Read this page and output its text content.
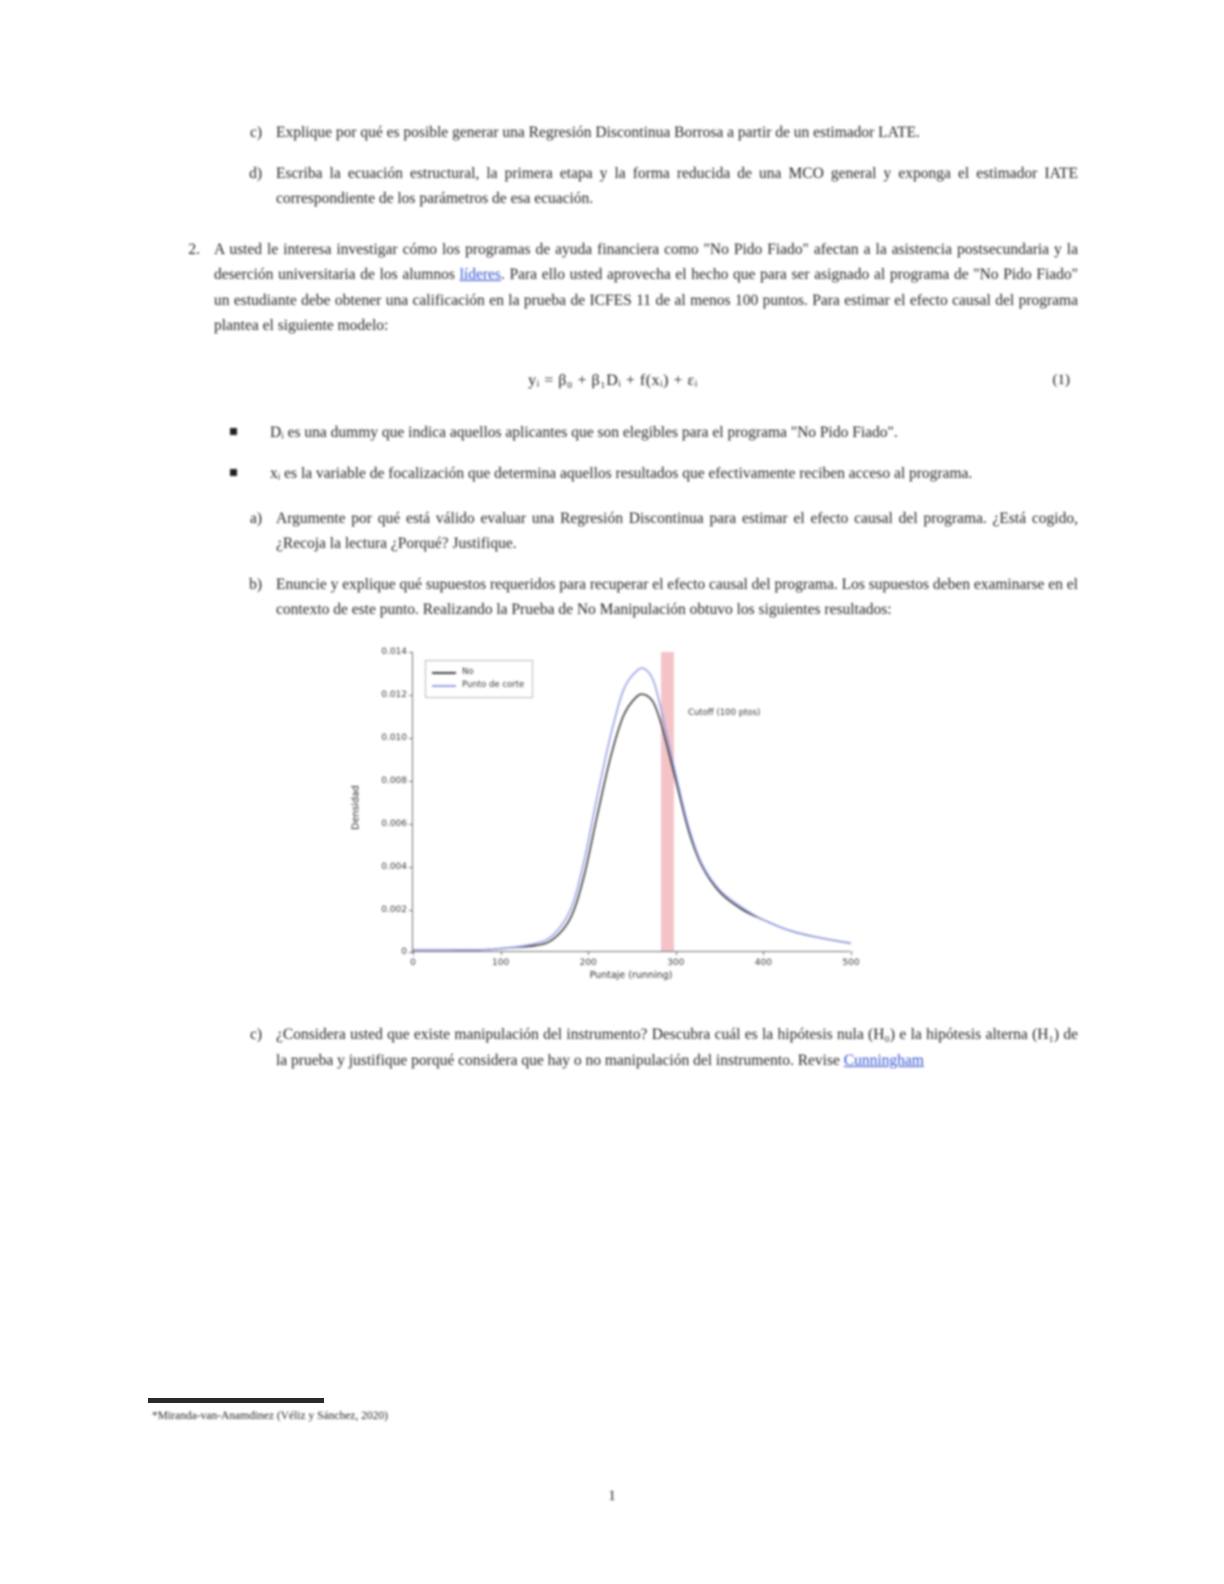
c) Explique por qué es posible generar una Regresión Discontinua Borrosa a partir de un estimador LATE.
d) Escriba la ecuación estructural, la primera etapa y la forma reducida de una MCO general y exponga el estimador IATE correspondiente de los parámetros de esa ecuación.
2. A usted le interesa investigar cómo los programas de ayuda financiera como "No Pido Fiado" afectan a la asistencia postsecundaria y la deserción universitaria de los alumnos líderes. Para ello usted aprovecha el hecho que para ser asignado al programa de "No Pido Fiado" un estudiante debe obtener una calificación en la prueba de ICFES 11 de al menos 100 puntos. Para estimar el efecto causal del programa plantea el siguiente modelo:
yᵢ = β₀ + β₁Dᵢ + f(xᵢ) + εᵢ	(1)
Dᵢ es una dummy que indica aquellos aplicantes que son elegibles para el programa "No Pido Fiado".
xᵢ es la variable de focalización que determina aquellos resultados que efectivamente reciben acceso al programa.
a) Argumente por qué está válido evaluar una Regresión Discontinua para estimar el efecto causal del programa. ¿Está cogido, ¿Recoja la lectura ¿Porqué? Justifique.
b) Enuncie y explique qué supuestos requeridos para recuperar el efecto causal del programa. Los supuestos deben examinarse en el contexto de este punto. Realizando la Prueba de No Manipulación obtuvo los siguientes resultados:
No
Punto de corte
Cutoff (100 ptos)
0
0.002
0.004
0.006
0.008
0.010
0.012
0.014
0	100	200	300	400	500
Densidad
Puntaje (running)
c) ¿Considera usted que existe manipulación del instrumento? Descubra cuál es la hipótesis nula (H₀) e la hipótesis alterna (H₁) de la prueba y justifique porqué considera que hay o no manipulación del instrumento. Revise Cunningham
*Miranda-van-Anamdinez (Véliz y Sánchez, 2020)
1
